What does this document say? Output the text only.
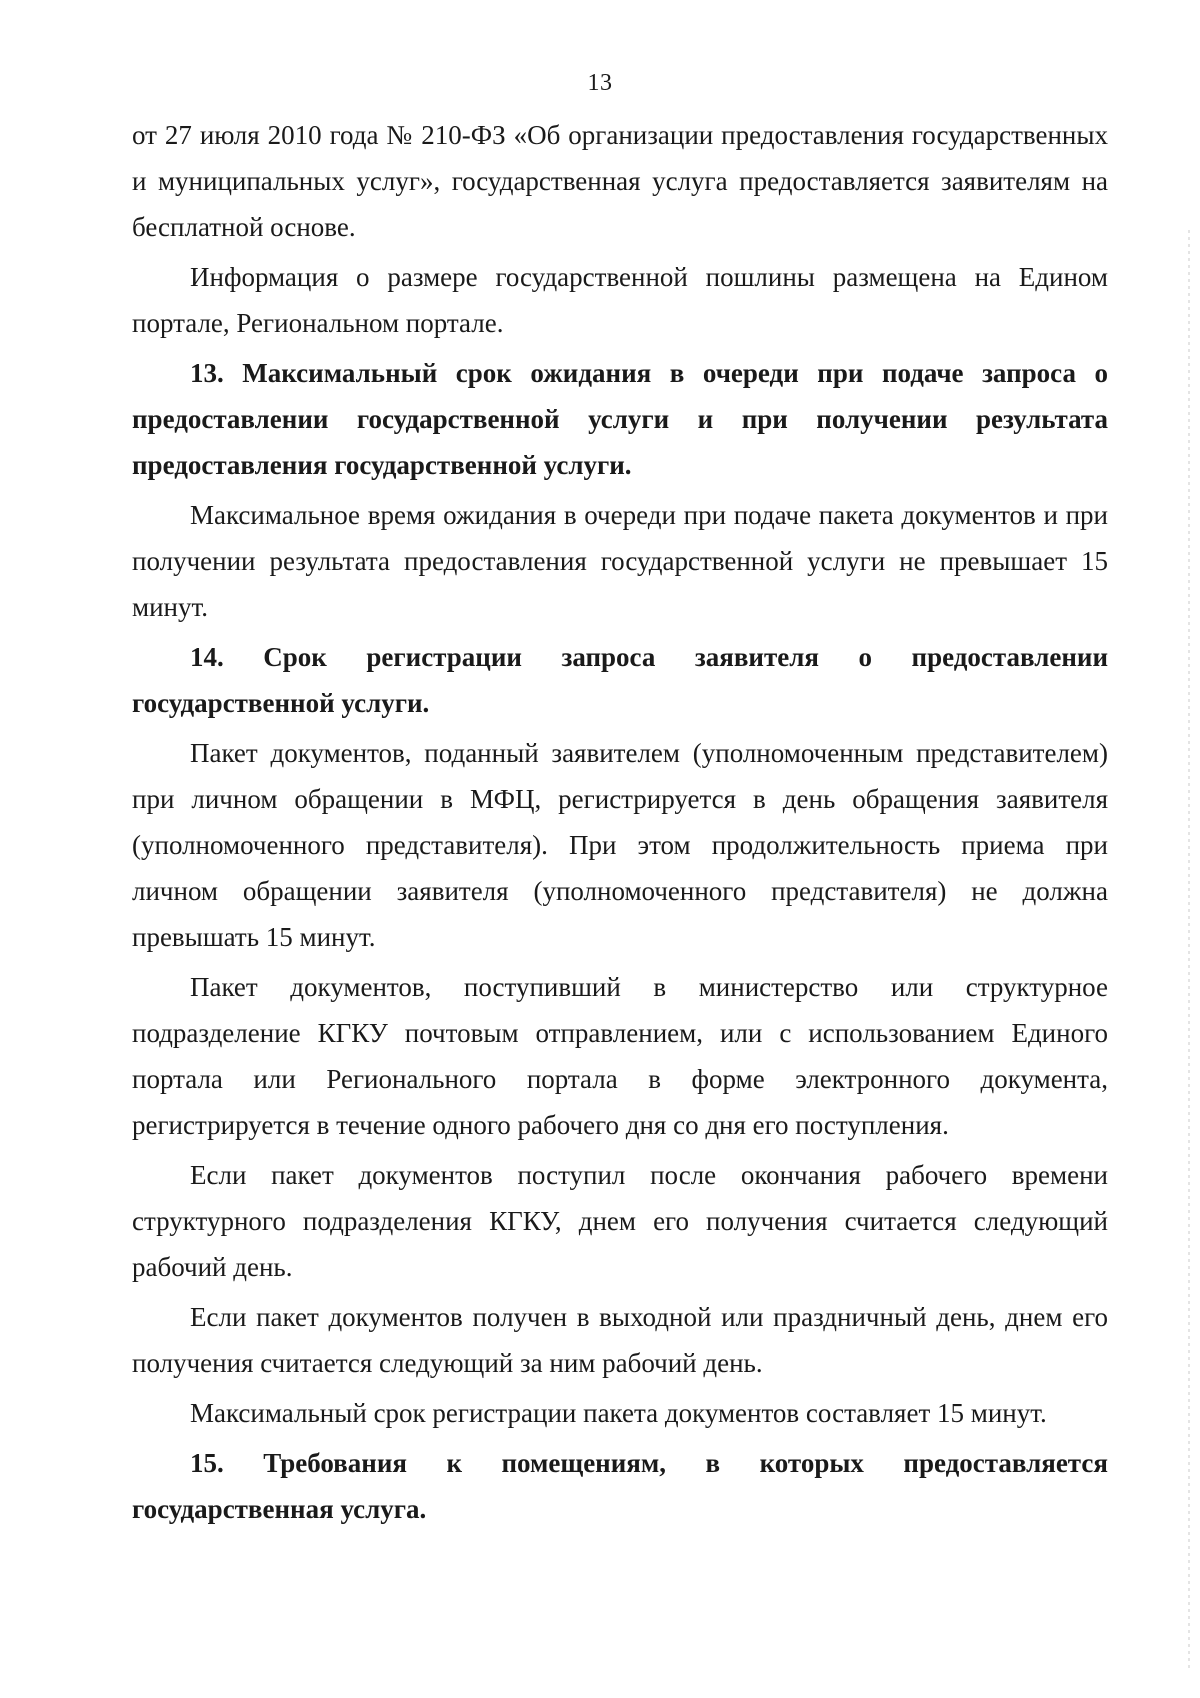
13

от 27 июля 2010 года № 210-ФЗ «Об организации предоставления государственных и муниципальных услуг», государственная услуга предоставляется заявителям на бесплатной основе.

Информация о размере государственной пошлины размещена на Едином портале, Региональном портале.

13. Максимальный срок ожидания в очереди при подаче запроса о предоставлении государственной услуги и при получении результата предоставления государственной услуги.

Максимальное время ожидания в очереди при подаче пакета документов и при получении результата предоставления государственной услуги не превышает 15 минут.

14. Срок регистрации запроса заявителя о предоставлении государственной услуги.

Пакет документов, поданный заявителем (уполномоченным представителем) при личном обращении в МФЦ, регистрируется в день обращения заявителя (уполномоченного представителя). При этом продолжительность приема при личном обращении заявителя (уполномоченного представителя) не должна превышать 15 минут.

Пакет документов, поступивший в министерство или структурное подразделение КГКУ почтовым отправлением, или с использованием Единого портала или Регионального портала в форме электронного документа, регистрируется в течение одного рабочего дня со дня его поступления.

Если пакет документов поступил после окончания рабочего времени структурного подразделения КГКУ, днем его получения считается следующий рабочий день.

Если пакет документов получен в выходной или праздничный день, днем его получения считается следующий за ним рабочий день.

Максимальный срок регистрации пакета документов составляет 15 минут.

15. Требования к помещениям, в которых предоставляется государственная услуга.
